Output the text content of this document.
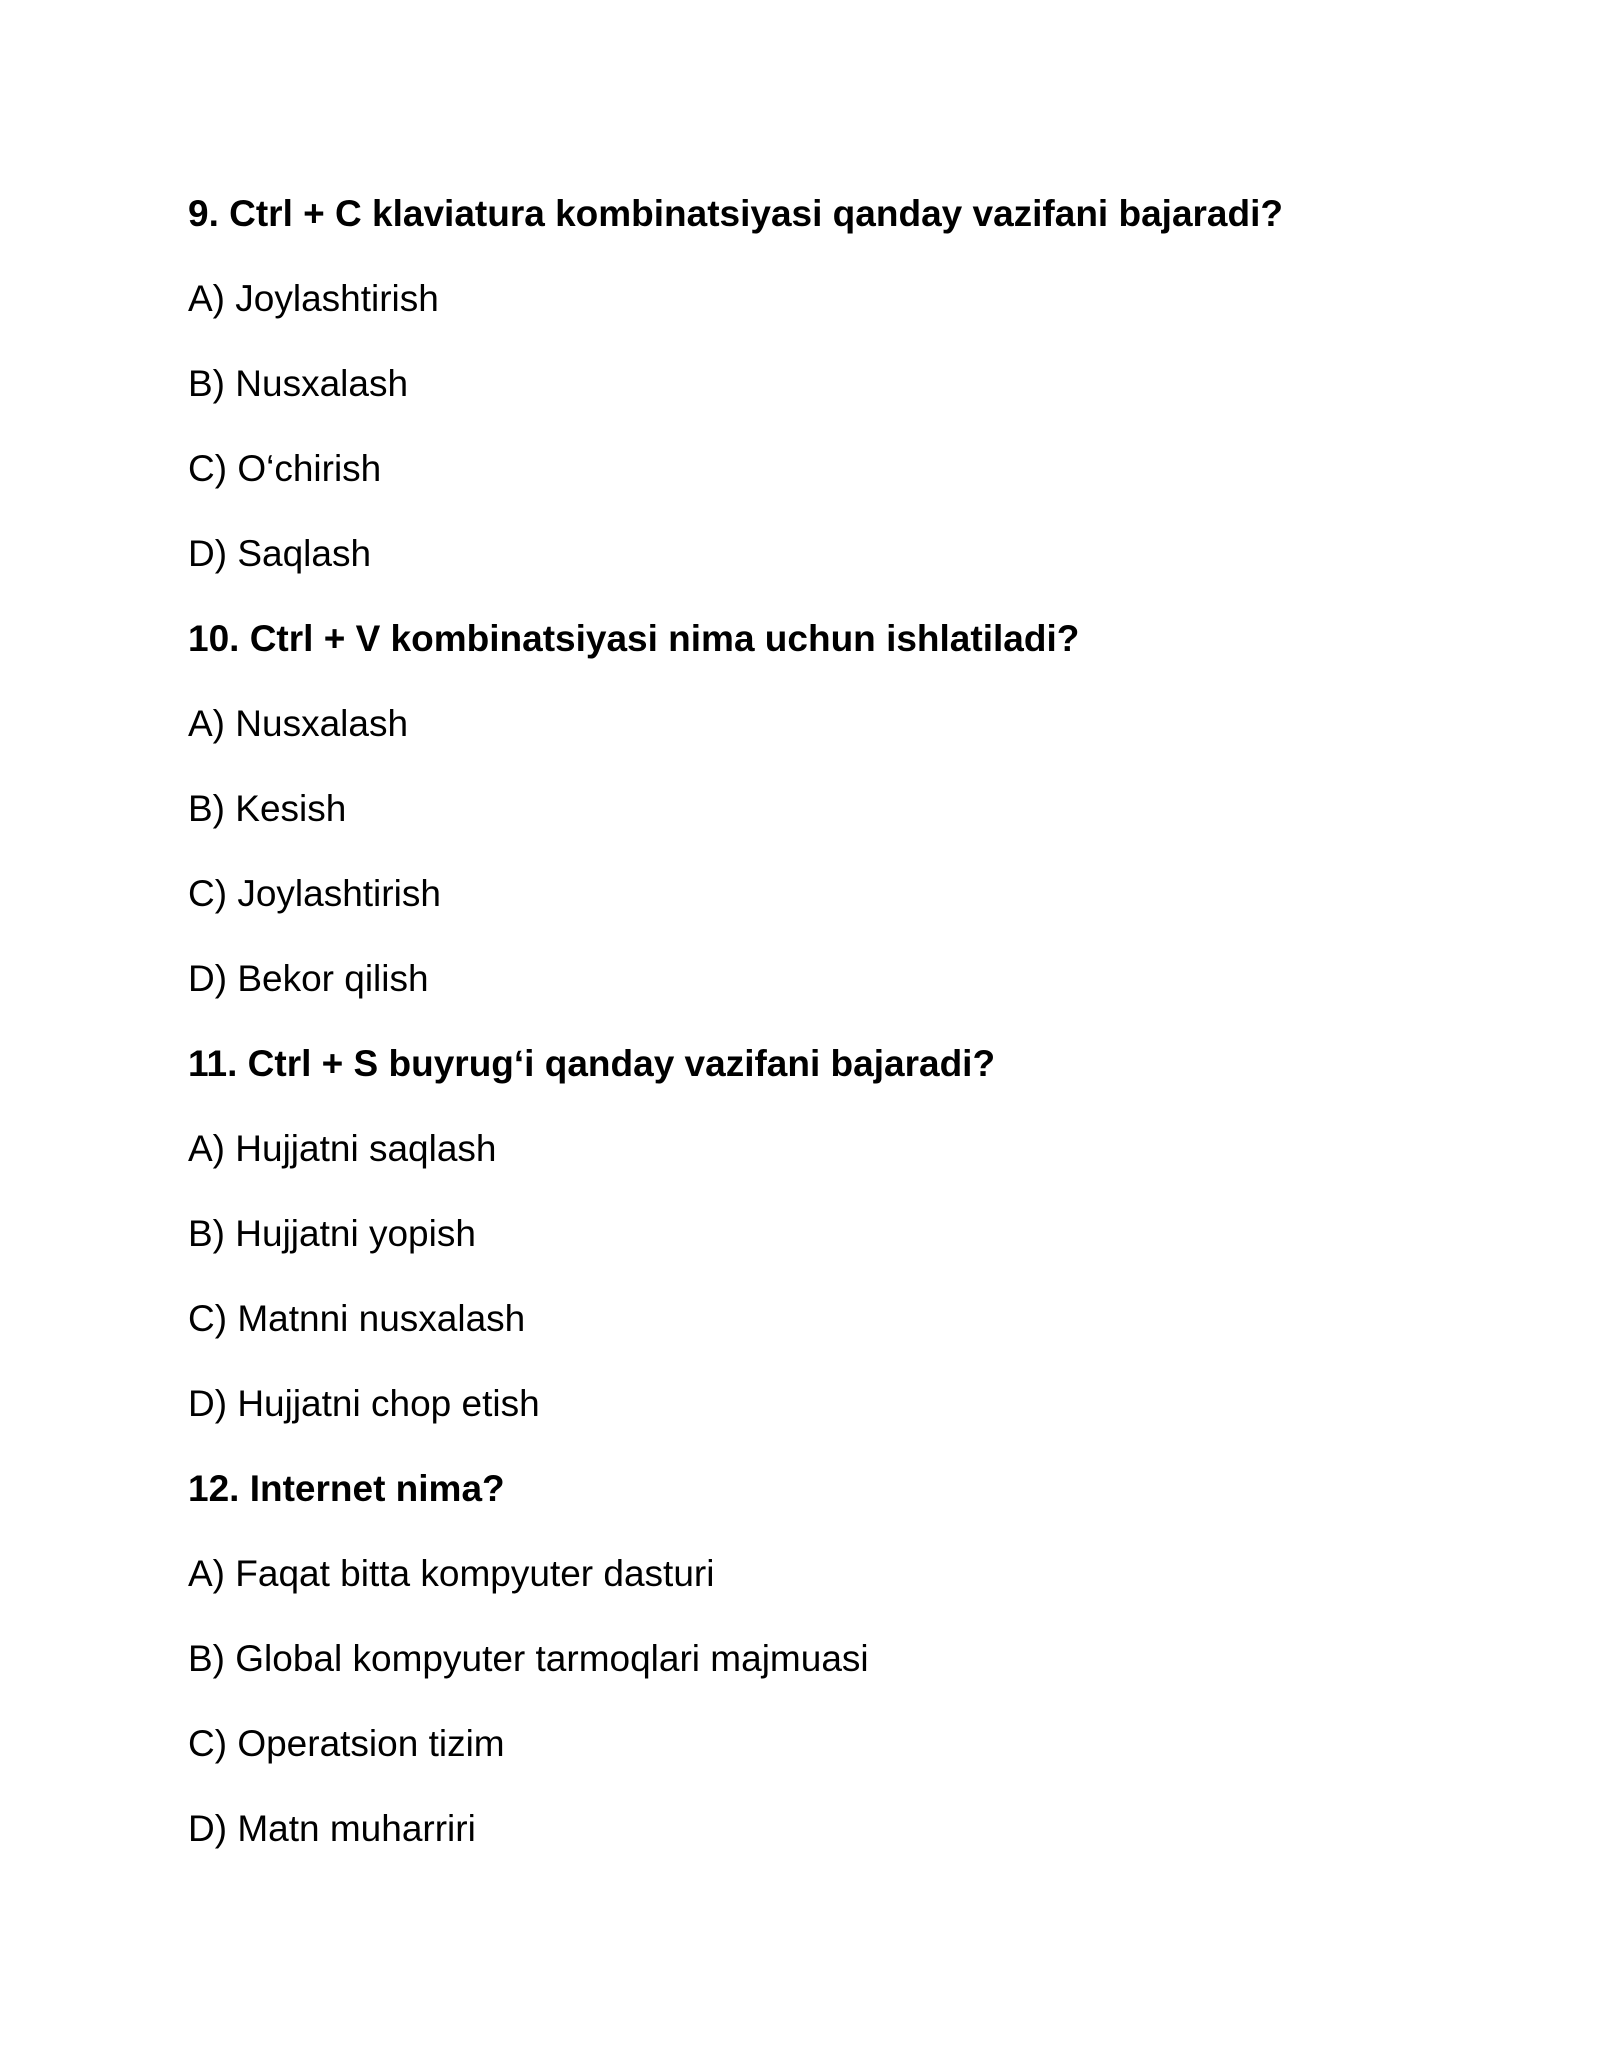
9. Ctrl + C klaviatura kombinatsiyasi qanday vazifani bajaradi?
A) Joylashtirish
B) Nusxalash
C) O‘chirish
D) Saqlash
10. Ctrl + V kombinatsiyasi nima uchun ishlatiladi?
A) Nusxalash
B) Kesish
C) Joylashtirish
D) Bekor qilish
11. Ctrl + S buyrug‘i qanday vazifani bajaradi?
A) Hujjatni saqlash
B) Hujjatni yopish
C) Matnni nusxalash
D) Hujjatni chop etish
12. Internet nima?
A) Faqat bitta kompyuter dasturi
B) Global kompyuter tarmoqlari majmuasi
C) Operatsion tizim
D) Matn muharriri
